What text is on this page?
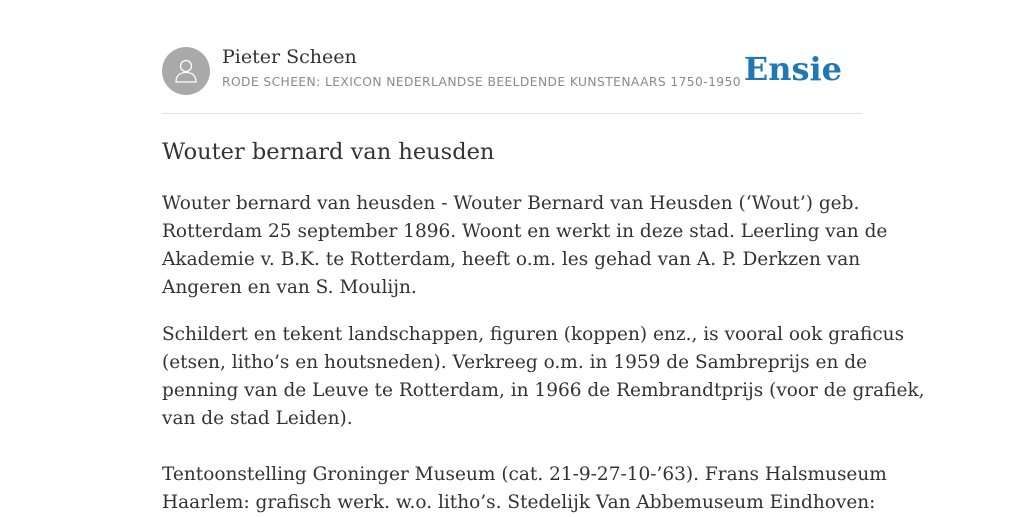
Pieter Scheen
RODE SCHEEN: LEXICON NEDERLANDSE BEELDENDE KUNSTENAARS 1750-1950 Ensie
Wouter bernard van heusden

Wouter bernard van heusden - Wouter Bernard van Heusden (‘Wout’) geb.
Rotterdam 25 september 1896. Woont en werkt in deze stad. Leerling van de
Akademie v. B.K. te Rotterdam, heeft o.m. les gehad van A. P. Derkzen van
Angeren en van S. Moulijn.

Schildert en tekent landschappen, figuren (koppen) enz., is vooral ook graficus
(etsen, litho’s en houtsneden). Verkreeg o.m. in 1959 de Sambreprijs en de
penning van de Leuve te Rotterdam, in 1966 de Rembrandtprijs (voor de grafiek,
van de stad Leiden).

Tentoonstelling Groninger Museum (cat. 21-9-27-10-’63). Frans Halsmuseum
Haarlem: grafisch werk. w.o. litho’s. Stedelijk Van Abbemuseum Eindhoven:
